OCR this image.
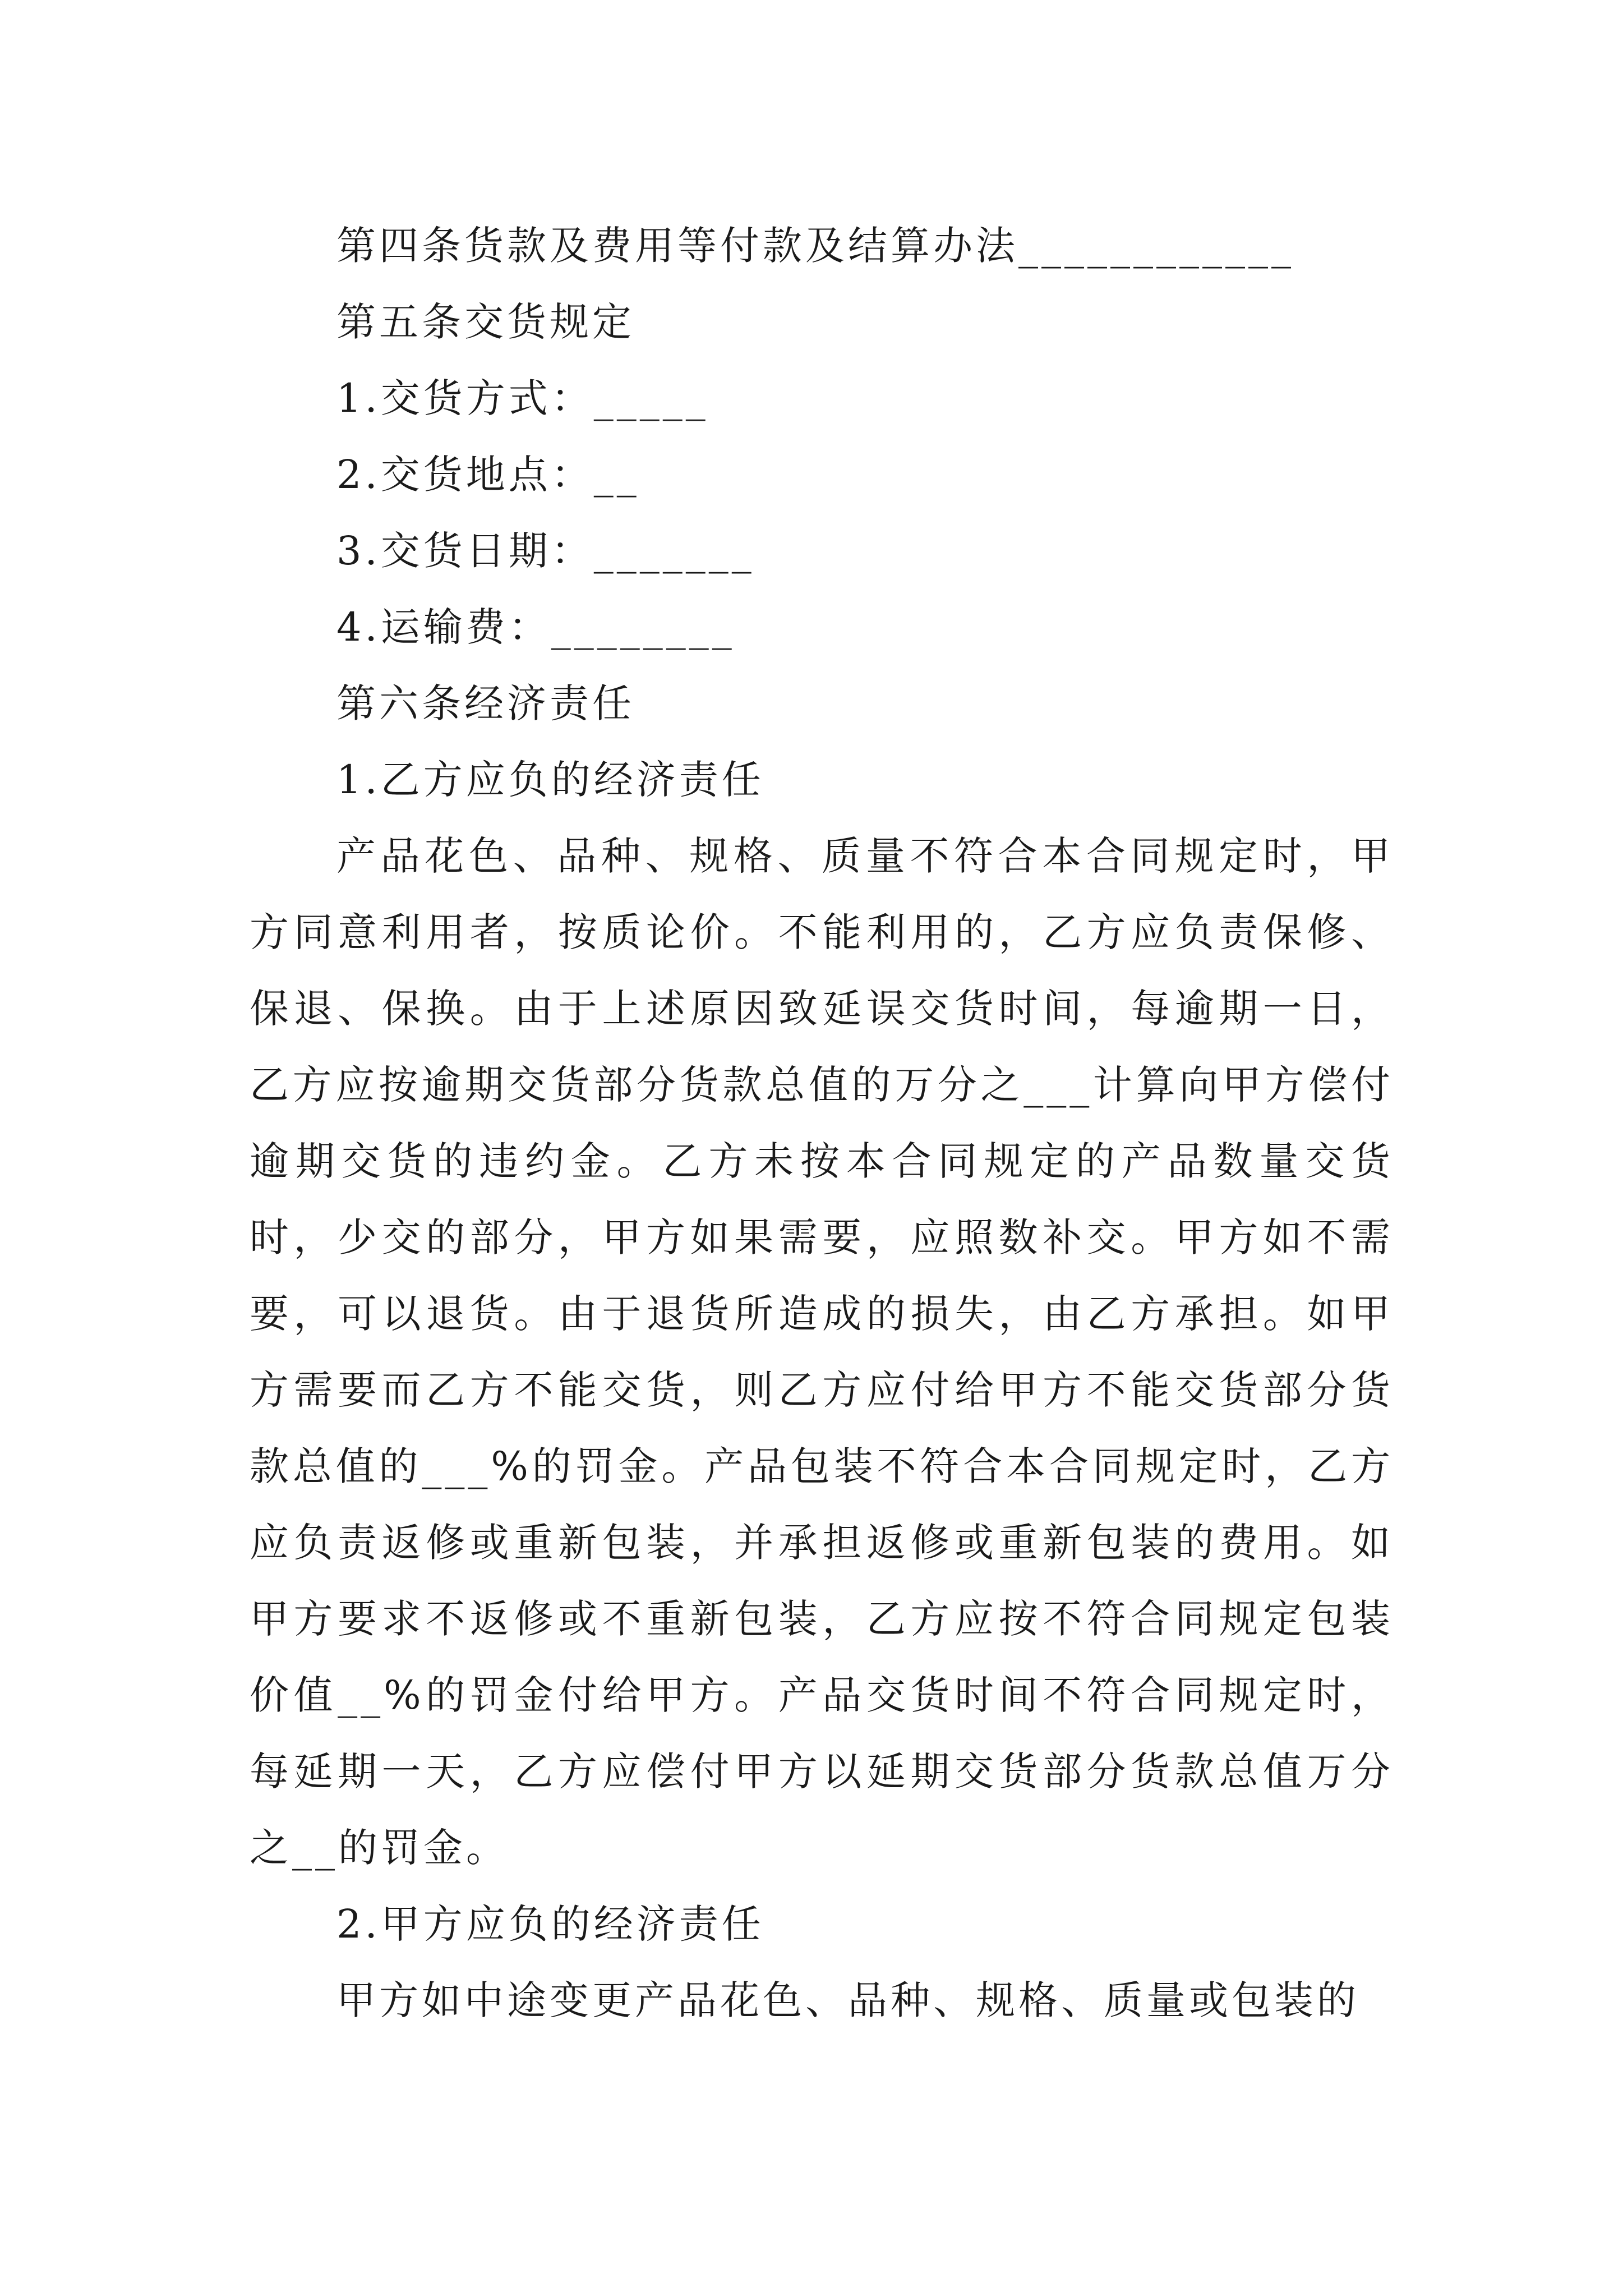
第四条货款及费用等付款及结算办法____________
第五条交货规定
1.交货方式：_____
2.交货地点：__
3.交货日期：_______
4.运输费：________
第六条经济责任
1.乙方应负的经济责任

产品花色、品种、规格、质量不符合本合同规定时，甲方同意利用者，按质论价。不能利用的，乙方应负责保修、保退、保换。由于上述原因致延误交货时间，每逾期一日，乙方应按逾期交货部分货款总值的万分之___计算向甲方偿付逾期交货的违约金。乙方未按本合同规定的产品数量交货时，少交的部分，甲方如果需要，应照数补交。甲方如不需要，可以退货。由于退货所造成的损失，由乙方承担。如甲方需要而乙方不能交货，则乙方应付给甲方不能交货部分货款总值的___%的罚金。产品包装不符合本合同规定时，乙方应负责返修或重新包装，并承担返修或重新包装的费用。如甲方要求不返修或不重新包装，乙方应按不符合同规定包装价值__%的罚金付给甲方。产品交货时间不符合同规定时，每延期一天，乙方应偿付甲方以延期交货部分货款总值万分之__的罚金。

2.甲方应负的经济责任

甲方如中途变更产品花色、品种、规格、质量或包装的
